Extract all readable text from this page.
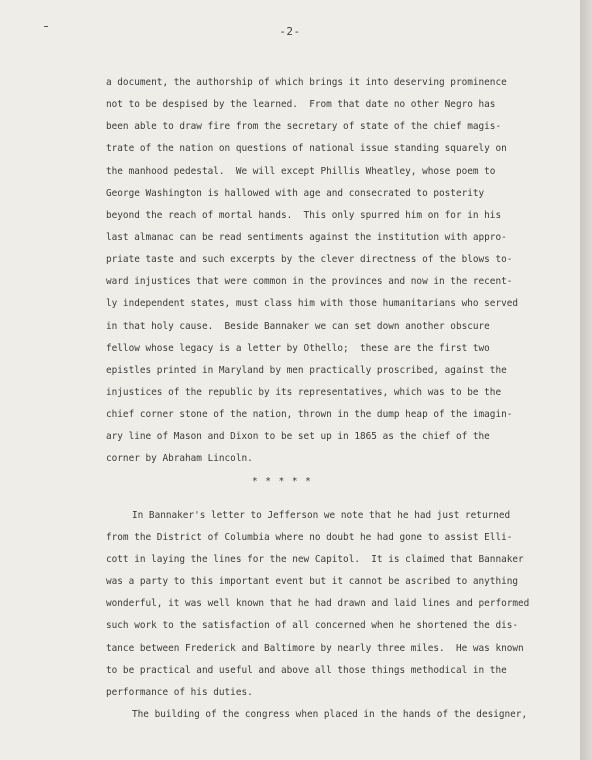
-2-
a document, the authorship of which brings it into deserving prominence
not to be despised by the learned.  From that date no other Negro has
been able to draw fire from the secretary of state of the chief magis-
trate of the nation on questions of national issue standing squarely on
the manhood pedestal.  We will except Phillis Wheatley, whose poem to
George Washington is hallowed with age and consecrated to posterity
beyond the reach of mortal hands.  This only spurred him on for in his
last almanac can be read sentiments against the institution with appro-
priate taste and such excerpts by the clever directness of the blows to-
ward injustices that were common in the provinces and now in the recent-
ly independent states, must class him with those humanitarians who served
in that holy cause.  Beside Bannaker we can set down another obscure
fellow whose legacy is a letter by Othello;  these are the first two
epistles printed in Maryland by men practically proscribed, against the
injustices of the republic by its representatives, which was to be the
chief corner stone of the nation, thrown in the dump heap of the imagin-
ary line of Mason and Dixon to be set up in 1865 as the chief of the
corner by Abraham Lincoln.
* * * * *
In Bannaker's letter to Jefferson we note that he had just returned
from the District of Columbia where no doubt he had gone to assist Elli-
cott in laying the lines for the new Capitol.  It is claimed that Bannaker
was a party to this important event but it cannot be ascribed to anything
wonderful, it was well known that he had drawn and laid lines and performed
such work to the satisfaction of all concerned when he shortened the dis-
tance between Frederick and Baltimore by nearly three miles.  He was known
to be practical and useful and above all those things methodical in the
performance of his duties.
The building of the congress when placed in the hands of the designer,
